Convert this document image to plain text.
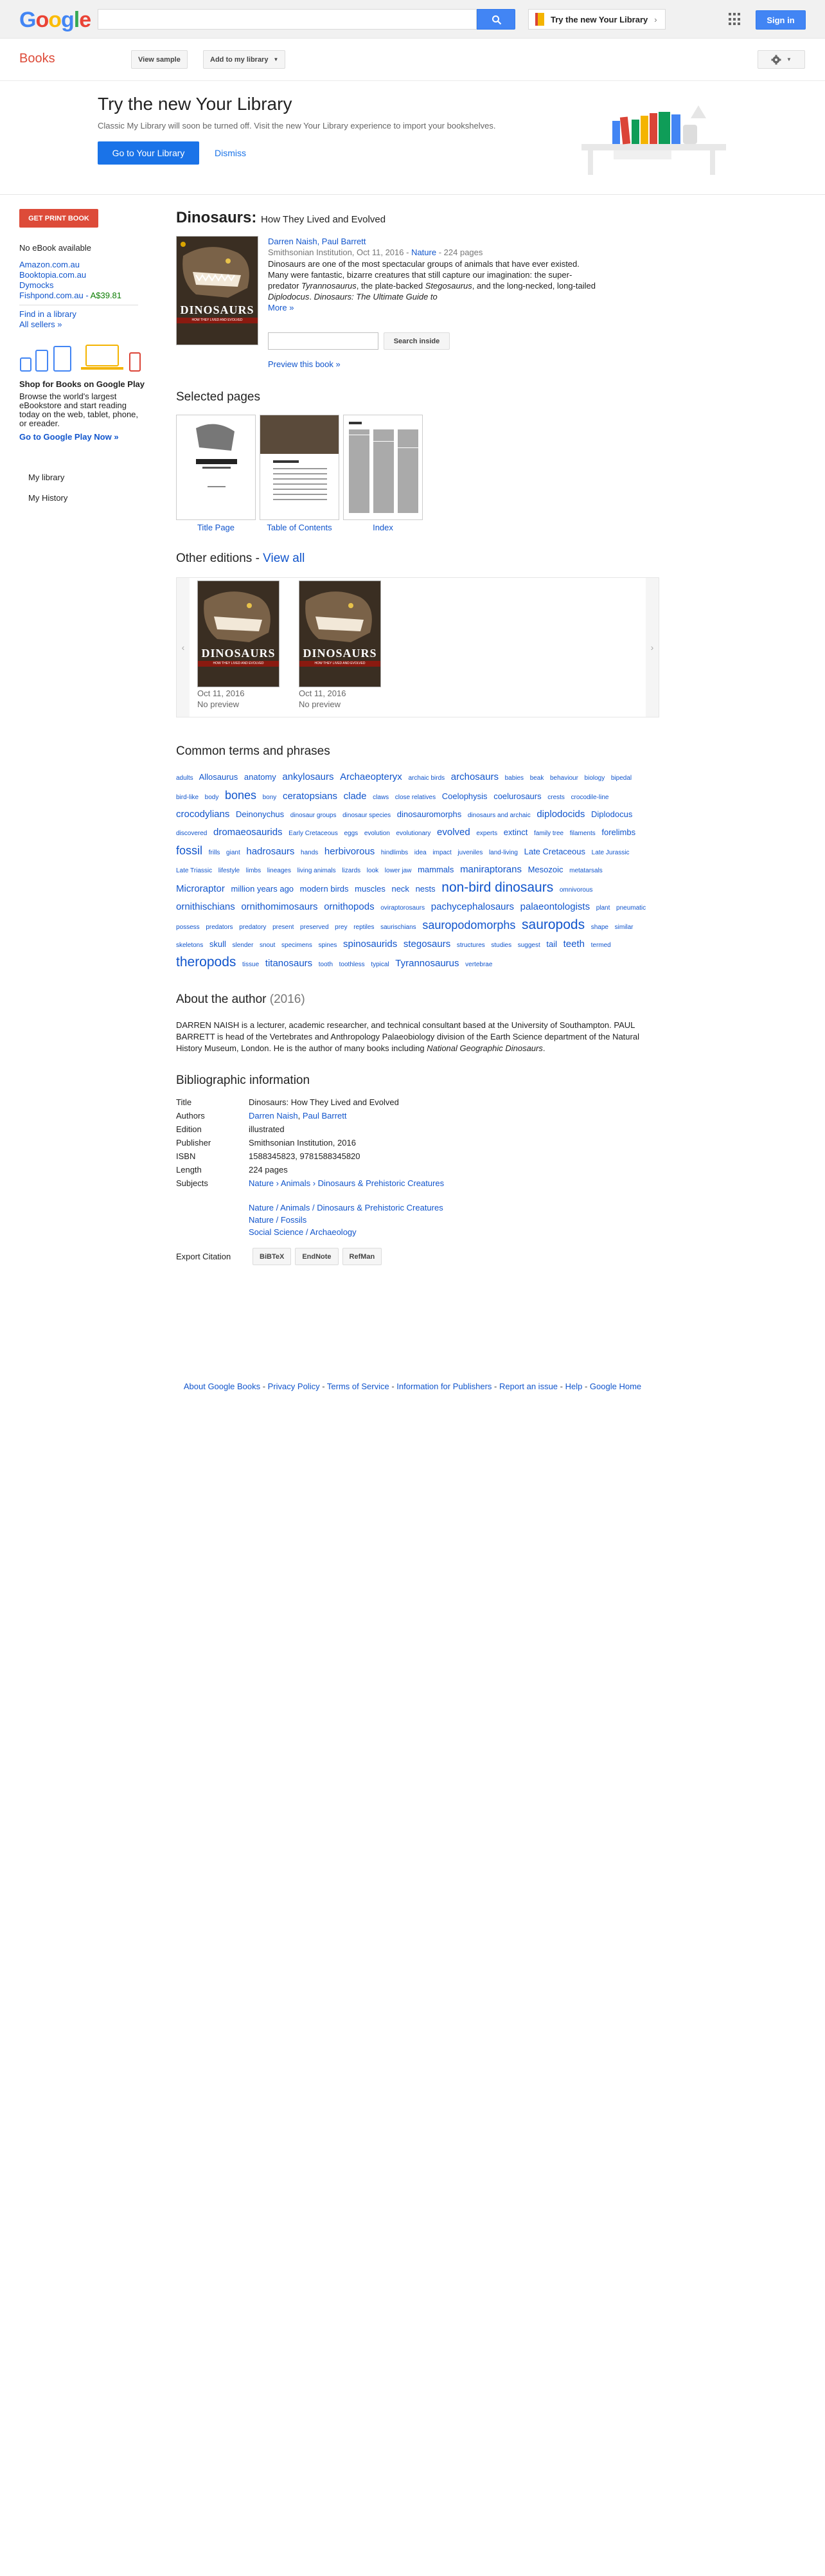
Google	Try the new Your Library ›	Sign in
Books	View sample	Add to my library ▼	▼
Try the new Your Library
Classic My Library will soon be turned off. Visit the new Your Library experience to import your bookshelves.
Go to Your Library	Dismiss
GET PRINT BOOK
No eBook available
Amazon.com.au
Booktopia.com.au
Dymocks
Fishpond.com.au - A$39.81
Find in a library
All sellers »
Shop for Books on Google Play
Browse the world's largest eBookstore and start reading today on the web, tablet, phone, or ereader.
Go to Google Play Now »
My library
My History
Dinosaurs: How They Lived and Evolved
DINOSAURS
HOW THEY LIVED AND EVOLVED
Darren Naish, Paul Barrett
Smithsonian Institution, Oct 11, 2016 - Nature - 224 pages
Dinosaurs are one of the most spectacular groups of animals that have ever existed. Many were fantastic, bizarre creatures that still capture our imagination: the super-predator Tyrannosaurus, the plate-backed Stegosaurus, and the long-necked, long-tailed Diplodocus. Dinosaurs: The Ultimate Guide to
More »
Search inside
Preview this book »
Selected pages
Title Page	Table of Contents	Index
Other editions - View all
‹	›
DINOSAURS
HOW THEY LIVED AND EVOLVED
Oct 11, 2016
No preview
DINOSAURS
HOW THEY LIVED AND EVOLVED
Oct 11, 2016
No preview
Common terms and phrases
adults Allosaurus anatomy ankylosaurs Archaeopteryx archaic birds archosaurs babies beak behaviour biology bipedal bird-like body bones bony ceratopsians clade claws close relatives Coelophysis coelurosaurs crests crocodile-line crocodylians Deinonychus dinosaur groups dinosaur species dinosauromorphs dinosaurs and archaic diplodocids Diplodocus discovered dromaeosaurids Early Cretaceous eggs evolution evolutionary evolved experts extinct family tree filaments forelimbs fossil frills giant hadrosaurs hands herbivorous hindlimbs idea impact juveniles land-living Late Cretaceous Late Jurassic Late Triassic lifestyle limbs lineages living animals lizards look lower jaw mammals maniraptorans Mesozoic metatarsals Microraptor million years ago modern birds muscles neck nests non-bird dinosaurs omnivorous ornithischians ornithomimosaurs ornithopods oviraptorosaurs pachycephalosaurs palaeontologists plant pneumatic possess predators predatory present preserved prey reptiles saurischians sauropodomorphs sauropods shape similar skeletons skull slender snout specimens spines spinosaurids stegosaurs structures studies suggest tail teeth termed theropods tissue titanosaurs tooth toothless typical Tyrannosaurus vertebrae
About the author (2016)
DARREN NAISH is a lecturer, academic researcher, and technical consultant based at the University of Southampton. PAUL BARRETT is head of the Vertebrates and Anthropology Palaeobiology division of the Earth Science department of the Natural History Museum, London. He is the author of many books including National Geographic Dinosaurs.
Bibliographic information
Title	Dinosaurs: How They Lived and Evolved
Authors	Darren Naish, Paul Barrett
Edition	illustrated
Publisher	Smithsonian Institution, 2016
ISBN	1588345823, 9781588345820
Length	224 pages
Subjects	Nature › Animals › Dinosaurs & Prehistoric Creatures
Nature / Animals / Dinosaurs & Prehistoric Creatures
Nature / Fossils
Social Science / Archaeology
Export Citation	BiBTeX	EndNote	RefMan
About Google Books - Privacy Policy - Terms of Service - Information for Publishers - Report an issue - Help - Google Home
